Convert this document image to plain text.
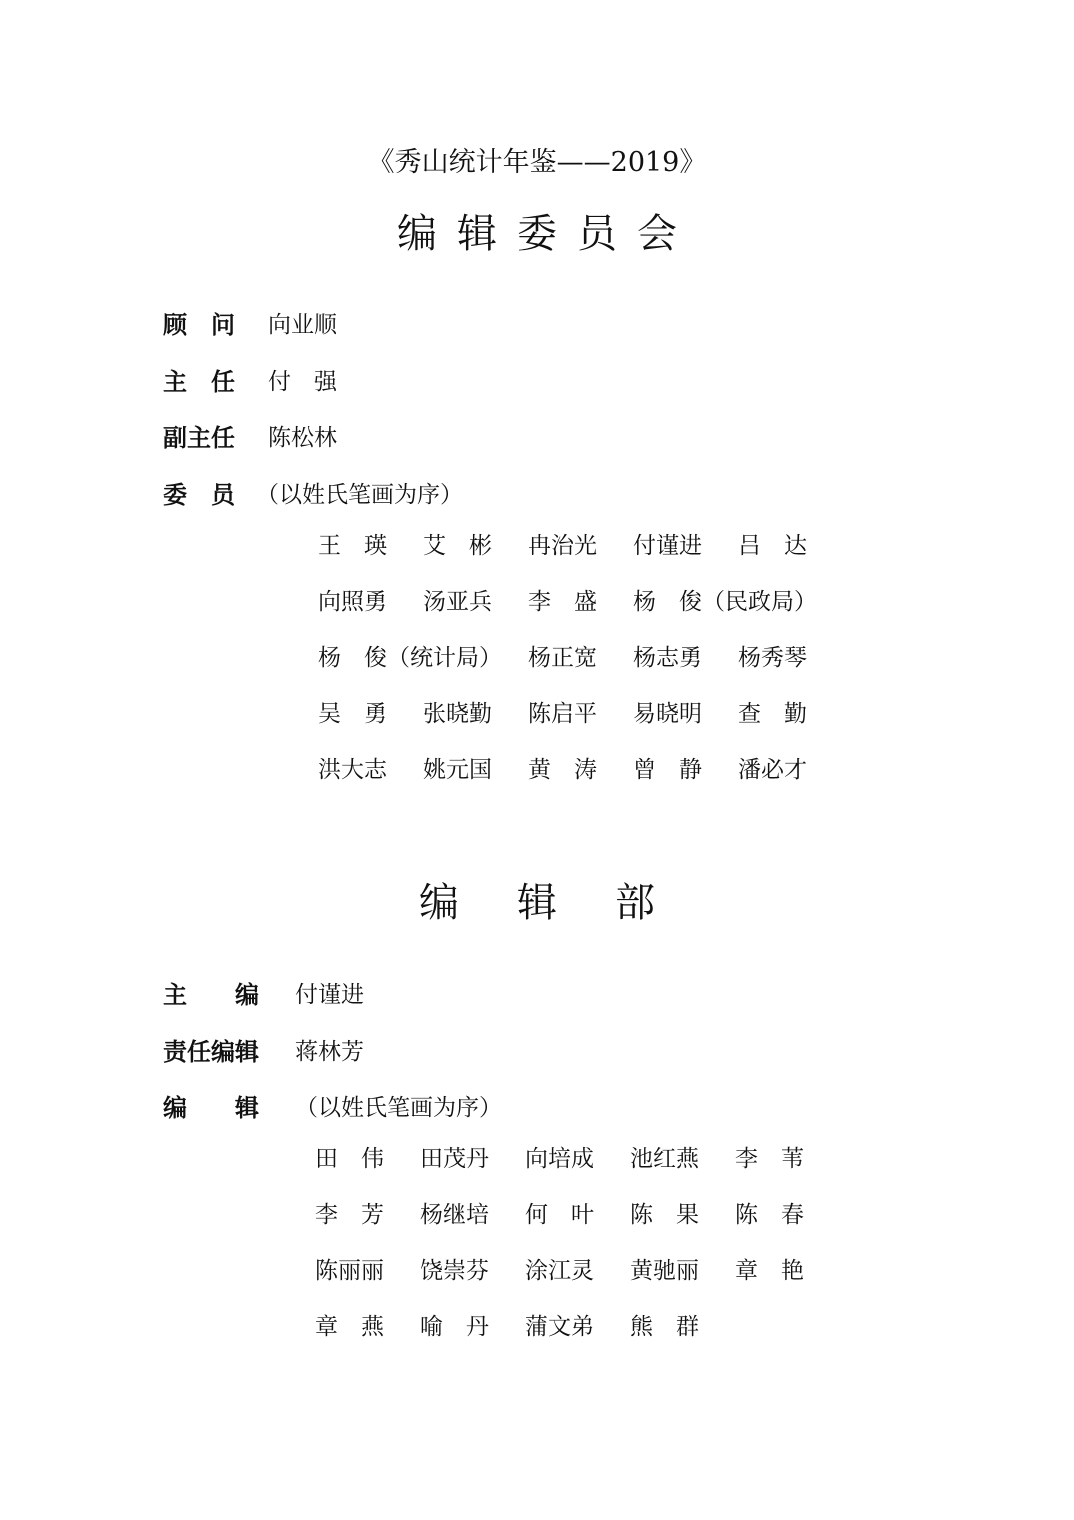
《秀山统计年鉴——2019》
编辑委员会
顾　问 向业顺
主　任 付　强
副主任 陈松林
委　员 （以姓氏笔画为序）
王　瑛	艾　彬	冉治光	付谨进	吕　达
向照勇	汤亚兵	李　盛	杨　俊（民政局）
杨　俊（统计局） 杨正宽	杨志勇	杨秀琴
吴　勇	张晓勤	陈启平	易晓明	查　勤
洪大志	姚元国	黄　涛	曾　静	潘必才
编辑部
主　　编 付谨进
责任编辑 蒋林芳
编　　辑 （以姓氏笔画为序）
田　伟	田茂丹	向培成	池红燕	李　苇
李　芳	杨继培	何　叶	陈　果	陈　春
陈丽丽	饶崇芬	涂江灵	黄驰丽	章　艳
章　燕	喻　丹	蒲文弟	熊　群
